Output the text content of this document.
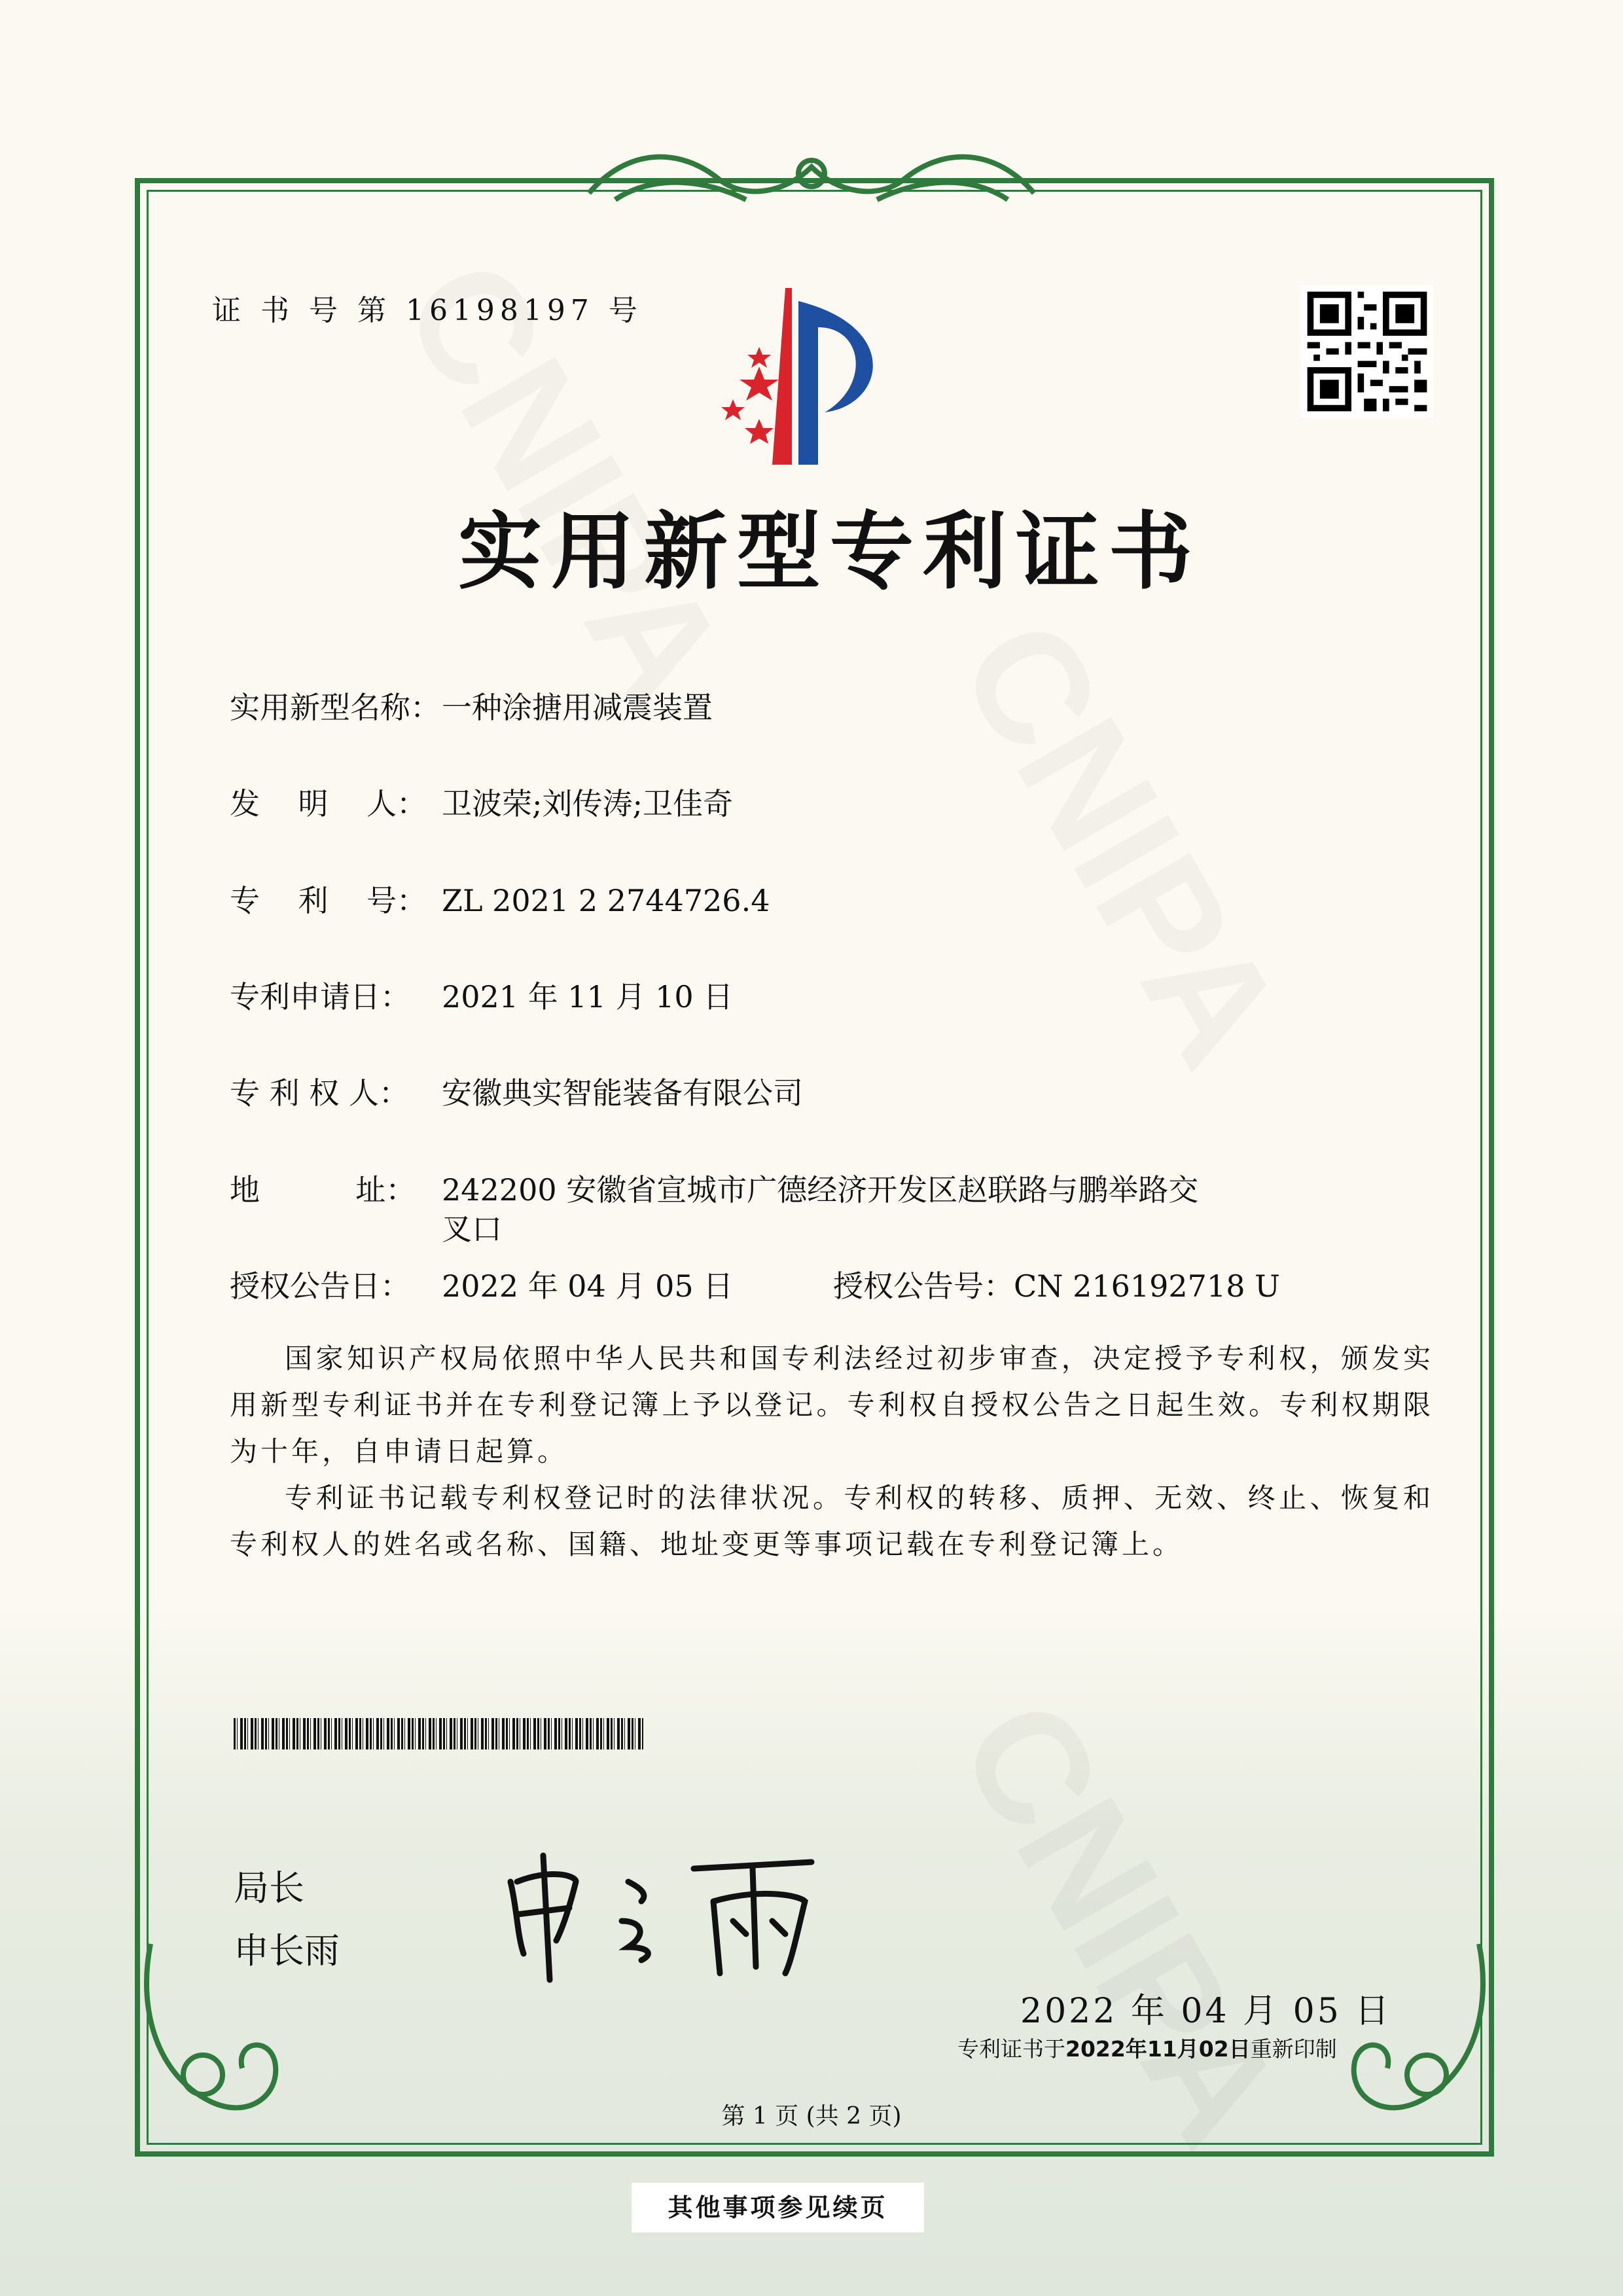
证 书 号 第 16198197 号
实用新型专利证书
实用新型名称：一种涂搪用减震装置
发    明    人： 卫波荣;刘传涛;卫佳奇
专    利    号： ZL 2021 2 2744726.4
专利申请日： 2021 年 11 月 10 日
专 利 权 人： 安徽典实智能装备有限公司
地          址： 242200 安徽省宣城市广德经济开发区赵联路与鹏举路交
叉口
授权公告日： 2022 年 04 月 05 日	授权公告号：CN 216192718 U

国家知识产权局依照中华人民共和国专利法经过初步审查，决定授予专利权，颁发实用新型专利证书并在专利登记簿上予以登记。专利权自授权公告之日起生效。专利权期限为十年，自申请日起算。

专利证书记载专利权登记时的法律状况。专利权的转移、质押、无效、终止、恢复和专利权人的姓名或名称、国籍、地址变更等事项记载在专利登记簿上。

局长
申长雨
2022 年 04 月 05 日
专利证书于2022年11月02日重新印制
第 1 页 (共 2 页)
其他事项参见续页
